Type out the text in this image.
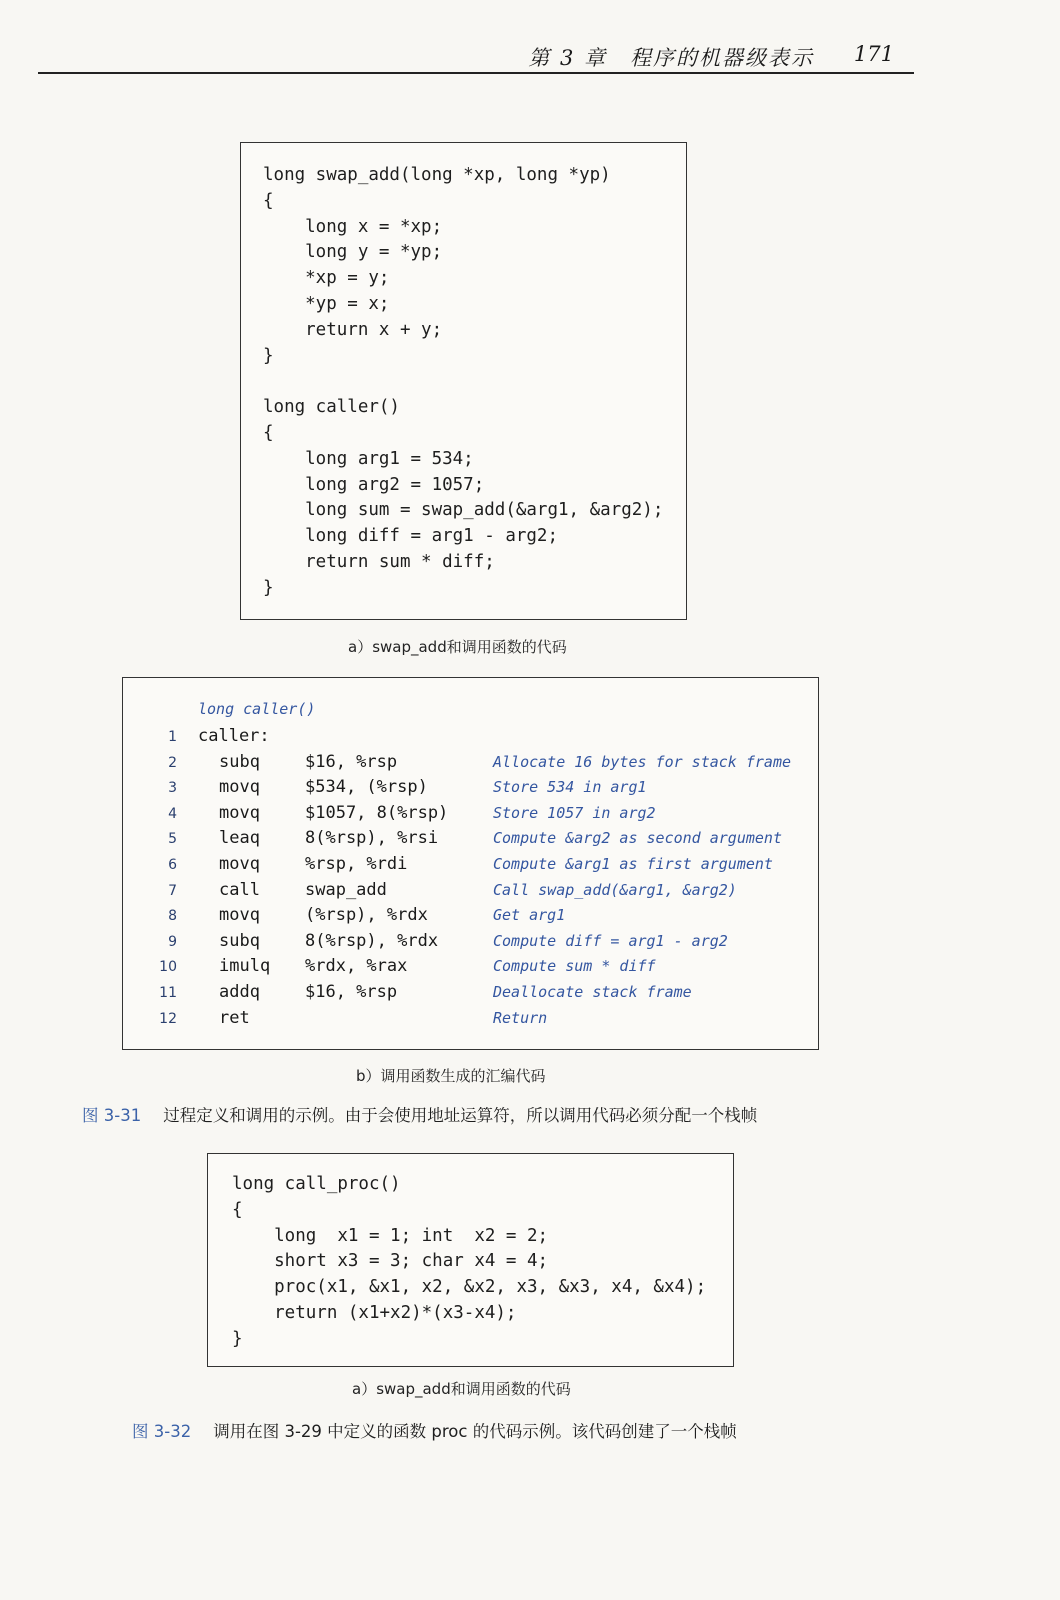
第 3 章　程序的机器级表示 171
long swap_add(long *xp, long *yp)
{
long x = *xp;
long y = *yp;
*xp = y;
*yp = x;
return x + y;
}
long caller()
{
long arg1 = 534;
long arg2 = 1057;
long sum = swap_add(&arg1, &arg2);
long diff = arg1 - arg2;
return sum * diff;
}
a）swap_add和调用函数的代码
long caller()
1 caller:
2 subq	$16, %rsp	Allocate 16 bytes for stack frame
3 movq	$534, (%rsp)	Store 534 in arg1
4 movq	$1057, 8(%rsp)	Store 1057 in arg2
5 leaq	8(%rsp), %rsi	Compute &arg2 as second argument
6 movq	%rsp, %rdi	Compute &arg1 as first argument
7 call	swap_add	Call swap_add(&arg1, &arg2)
8 movq	(%rsp), %rdx	Get arg1
9 subq	8(%rsp), %rdx	Compute diff = arg1 - arg2
10 imulq %rdx, %rax	Compute sum * diff
11 addq	$16, %rsp	Deallocate stack frame
12 ret	Return
b）调用函数生成的汇编代码
图 3-31 过程定义和调用的示例。由于会使用地址运算符，所以调用代码必须分配一个栈帧
long call_proc()
{
long  x1 = 1; int  x2 = 2;
short x3 = 3; char x4 = 4;
proc(x1, &x1, x2, &x2, x3, &x3, x4, &x4);
return (x1+x2)*(x3-x4);
}
a）swap_add和调用函数的代码
图 3-32 调用在图 3-29 中定义的函数 proc 的代码示例。该代码创建了一个栈帧
